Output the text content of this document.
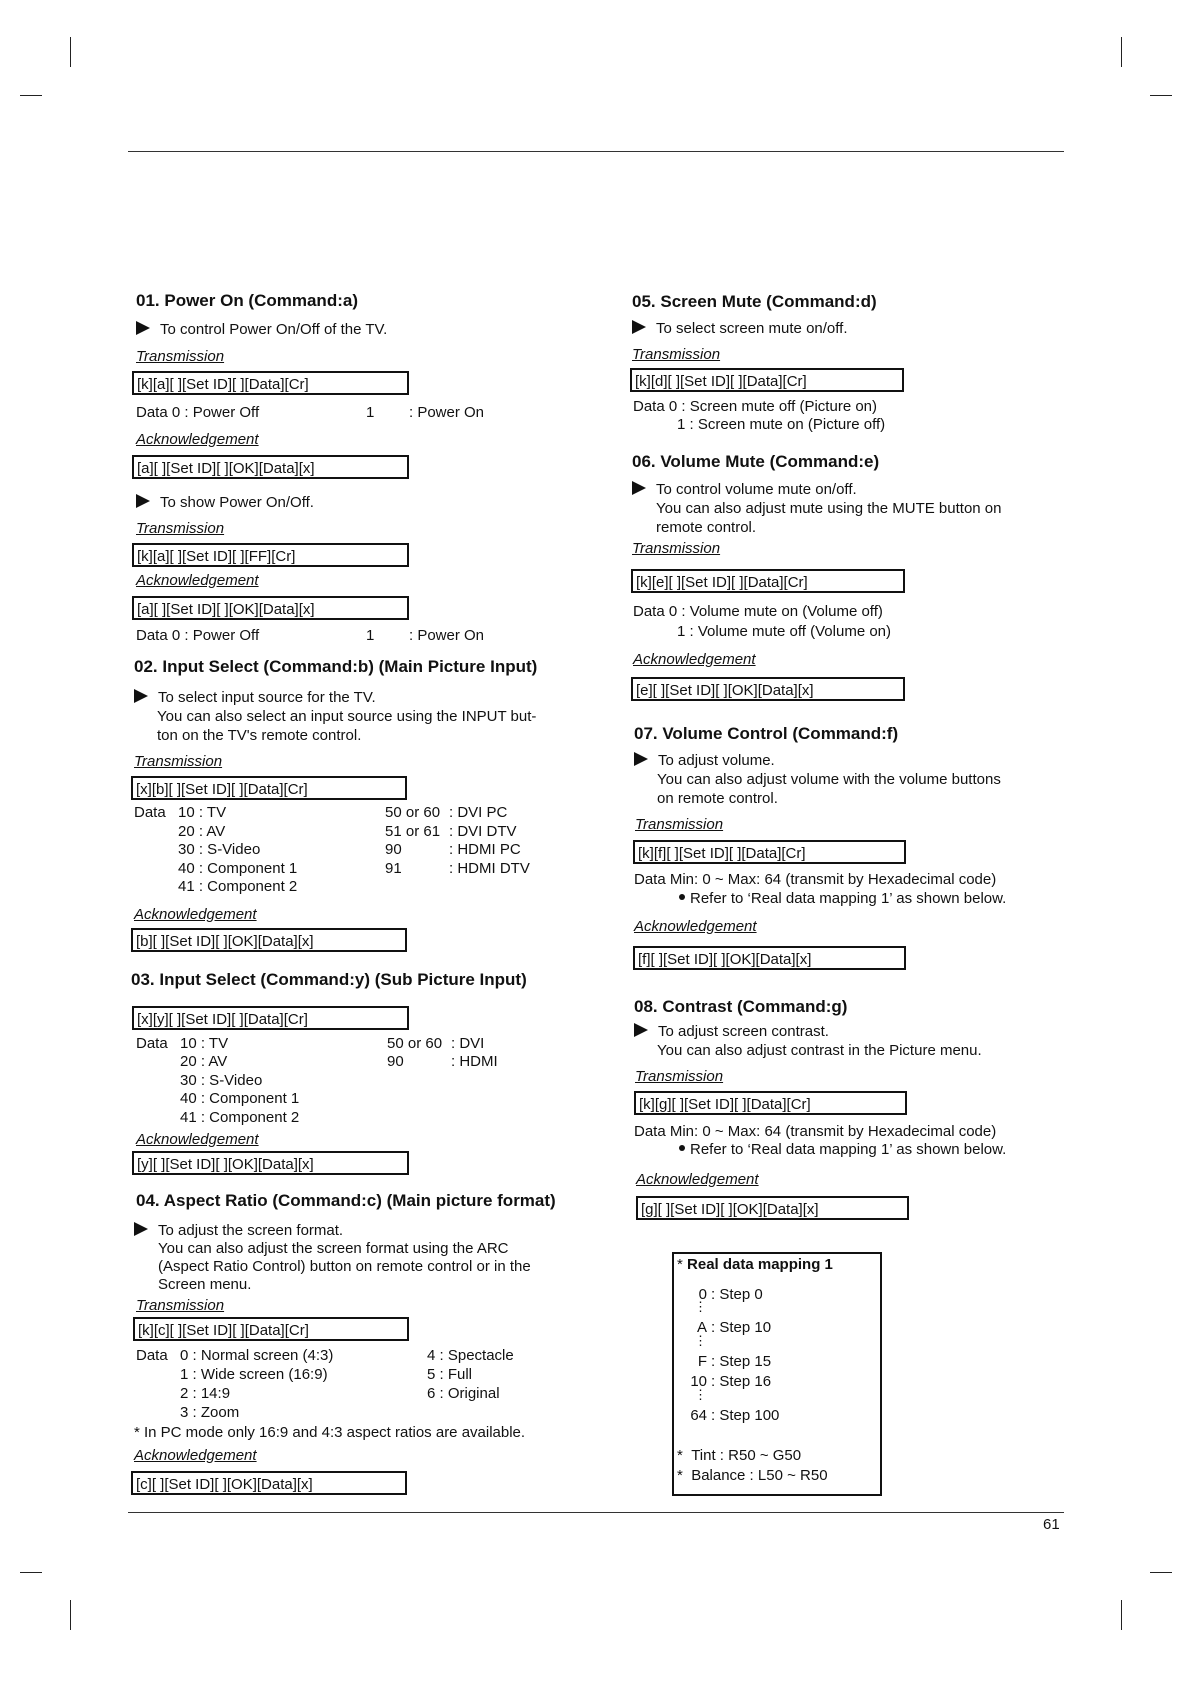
61
01. Power On (Command:a)
To control Power On/Off of the TV.
Transmission
[k][a][ ][Set ID][ ][Data][Cr]
Data 0 : Power Off	1 : Power On
Acknowledgement
[a][ ][Set ID][ ][OK][Data][x]
To show Power On/Off.
Transmission
[k][a][ ][Set ID][ ][FF][Cr]
Acknowledgement
[a][ ][Set ID][ ][OK][Data][x]
Data 0 : Power Off	1 : Power On
02. Input Select (Command:b) (Main Picture Input)
To select input source for the TV.
You can also select an input source using the INPUT but-
ton on the TV's remote control.
Transmission
[x][b][ ][Set ID][ ][Data][Cr]
Data 10 : TV
20 : AV
30 : S-Video
40 : Component 1
41 : Component 2
50 or 60
51 or 61
90
91
: DVI PC
: DVI DTV
: HDMI PC
: HDMI DTV
Acknowledgement
[b][ ][Set ID][ ][OK][Data][x]
03. Input Select (Command:y) (Sub Picture Input)
[x][y][ ][Set ID][ ][Data][Cr]
Data 10 : TV
20 : AV
30 : S-Video
40 : Component 1
41 : Component 2
50 or 60
90
: DVI
: HDMI
Acknowledgement
[y][ ][Set ID][ ][OK][Data][x]
04. Aspect Ratio (Command:c) (Main picture format)
To adjust the screen format.
You can also adjust the screen format using the ARC
(Aspect Ratio Control) button on remote control or in the
Screen menu.
Transmission
[k][c][ ][Set ID][ ][Data][Cr]
Data 0 : Normal screen (4:3)
1 : Wide screen (16:9)
2 : 14:9
3 : Zoom
4 : Spectacle
5 : Full
6 : Original
* In PC mode only 16:9 and 4:3 aspect ratios are available.
Acknowledgement
[c][ ][Set ID][ ][OK][Data][x]
05. Screen Mute (Command:d)
To select screen mute on/off.
Transmission
[k][d][ ][Set ID][ ][Data][Cr]
Data 0 : Screen mute off (Picture on)
1 : Screen mute on (Picture off)
06. Volume Mute (Command:e)
To control volume mute on/off.
You can also adjust mute using the MUTE button on
remote control.
Transmission
[k][e][ ][Set ID][ ][Data][Cr]
Data 0 : Volume mute on (Volume off)
1 : Volume mute off (Volume on)
Acknowledgement
[e][ ][Set ID][ ][OK][Data][x]
07. Volume Control (Command:f)
To adjust volume.
You can also adjust volume with the volume buttons
on remote control.
Transmission
[k][f][ ][Set ID][ ][Data][Cr]
Data Min: 0 ~ Max: 64 (transmit by Hexadecimal code)
Refer to ‘Real data mapping 1’ as shown below.
Acknowledgement
[f][ ][Set ID][ ][OK][Data][x]
08. Contrast (Command:g)
To adjust screen contrast.
You can also adjust contrast in the Picture menu.
Transmission
[k][g][ ][Set ID][ ][Data][Cr]
Data Min: 0 ~ Max: 64 (transmit by Hexadecimal code)
Refer to ‘Real data mapping 1’ as shown below.
Acknowledgement
[g][ ][Set ID][ ][OK][Data][x]
* Real data mapping 1
0 : Step 0
⋮
A : Step 10
⋮
F : Step 15
10 : Step 16
⋮
64 : Step 100
* Tint : R50 ~ G50
* Balance : L50 ~ R50
